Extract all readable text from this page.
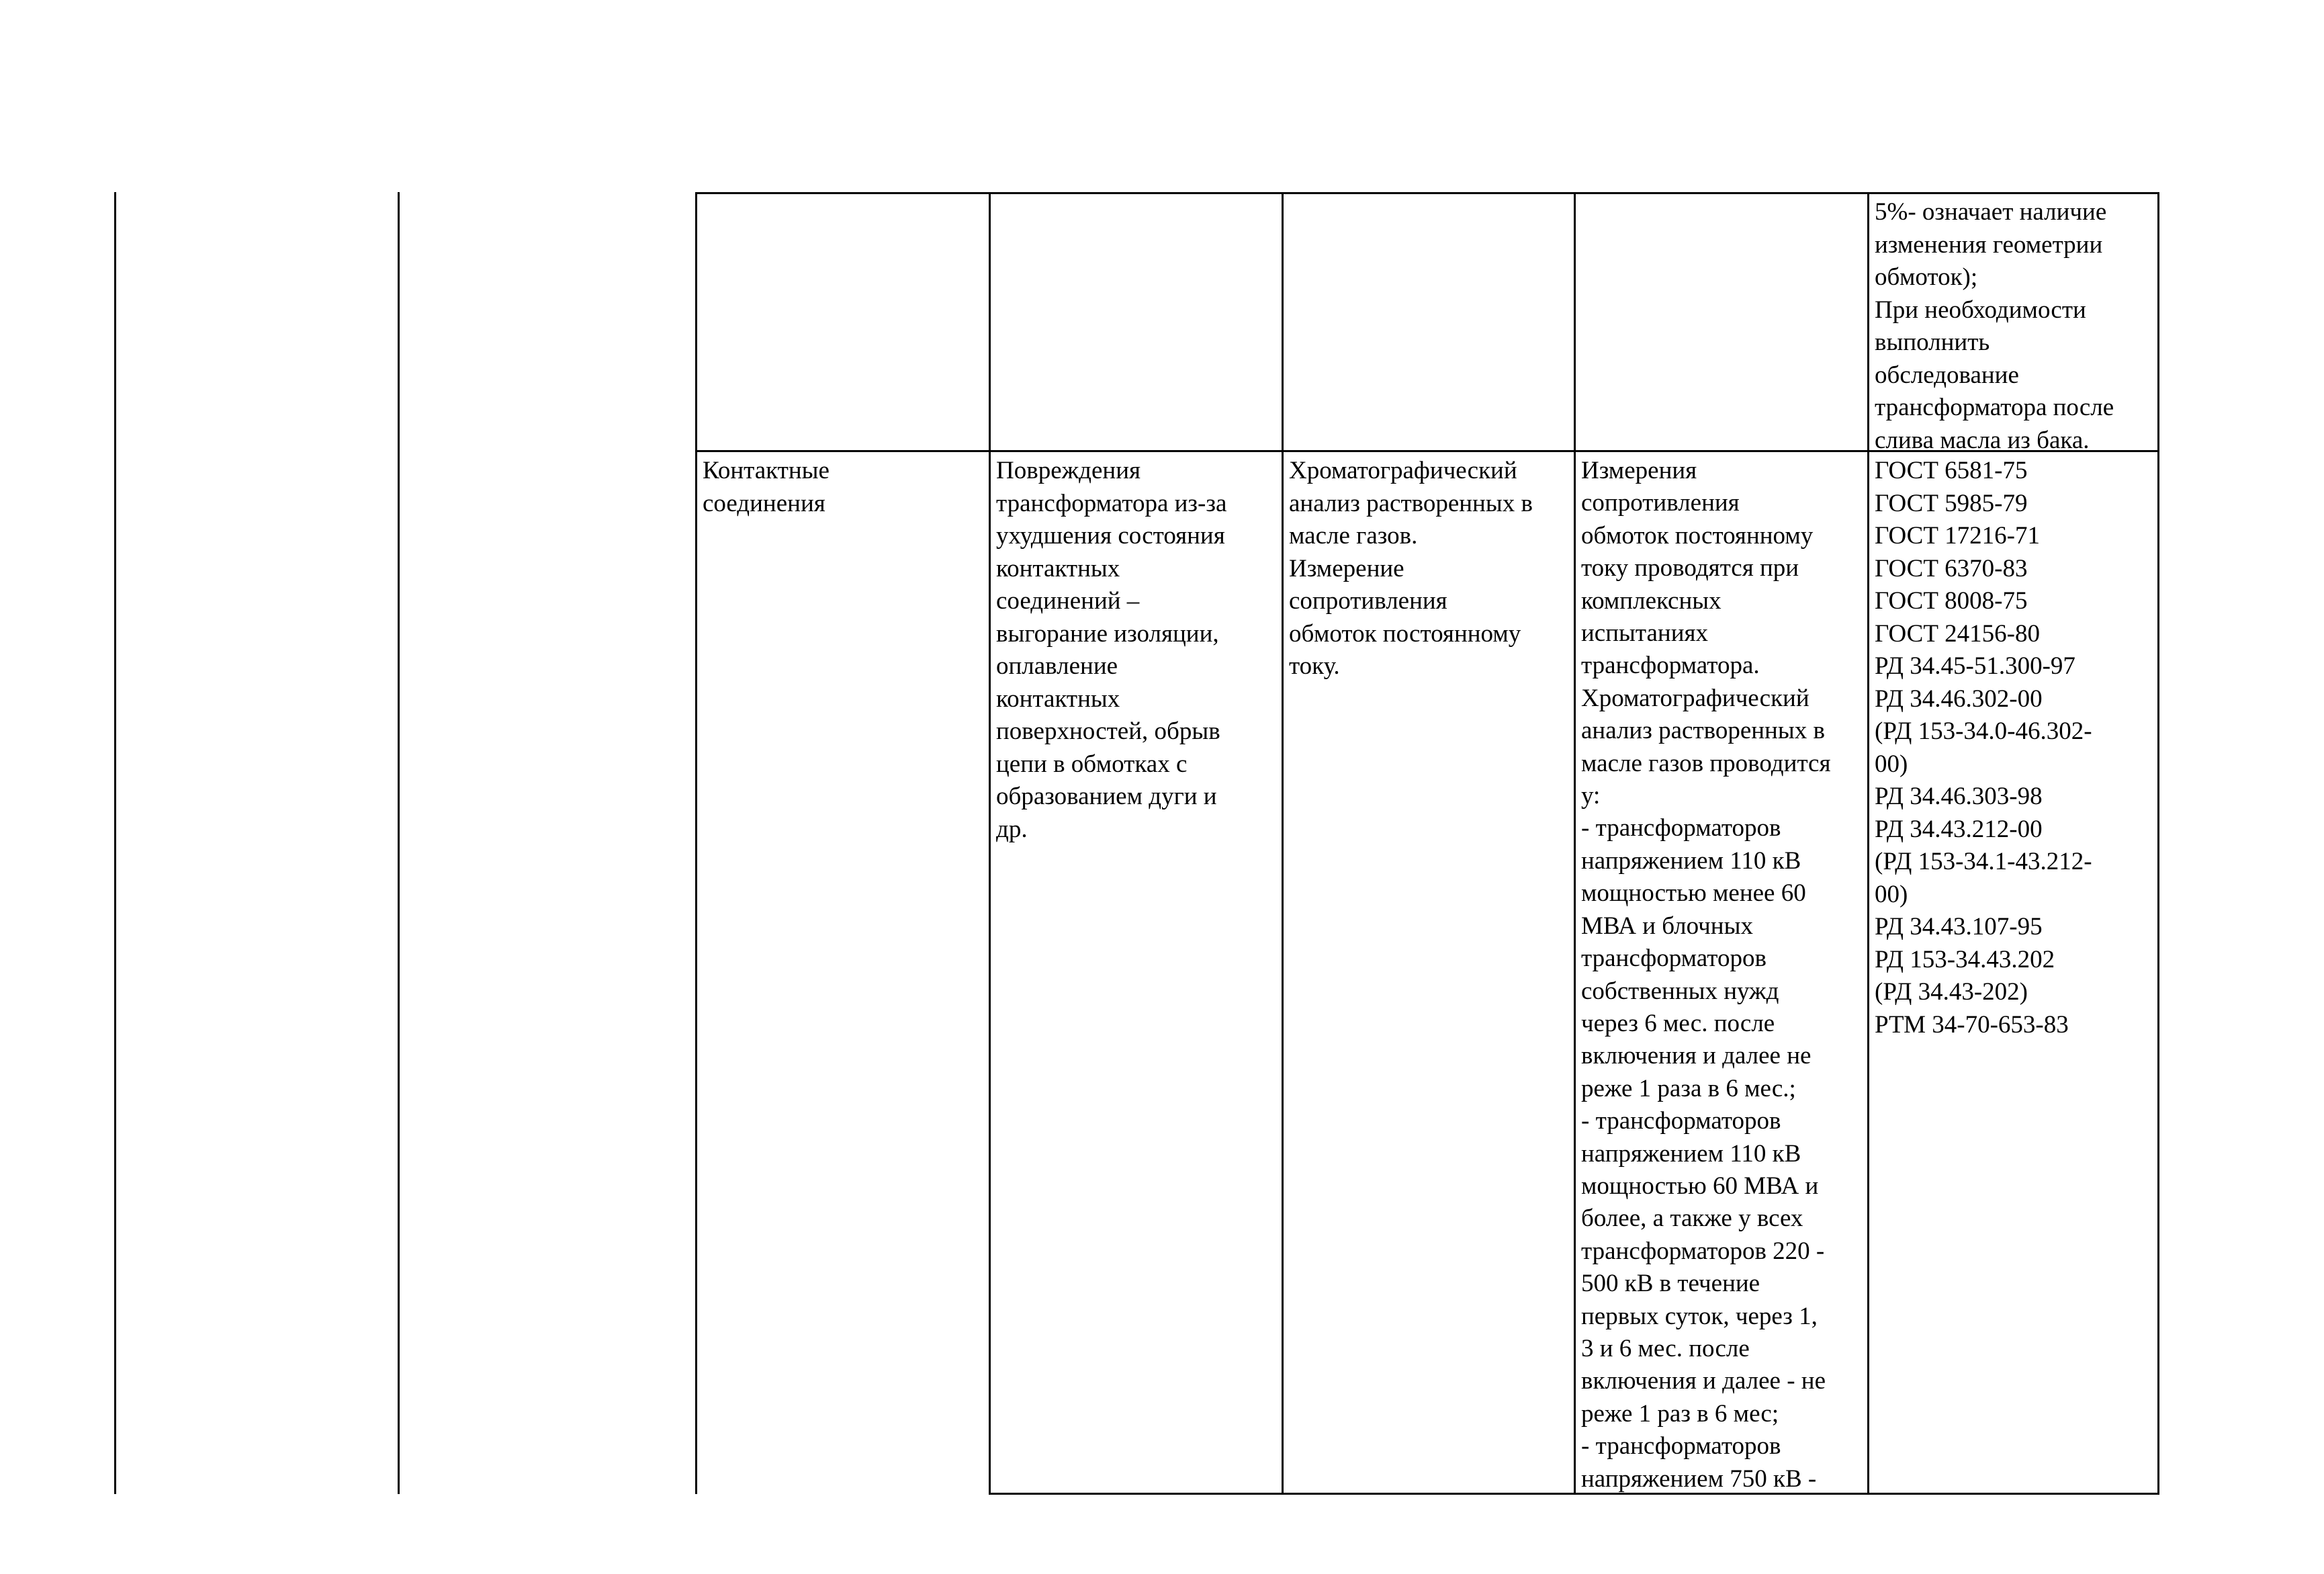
5%- означает наличие
изменения геометрии
обмоток);
При необходимости
выполнить
обследование
трансформатора после
слива масла из бака.
Контактные
соединения
Повреждения
трансформатора из-за
ухудшения состояния
контактных
соединений –
выгорание изоляции,
оплавление
контактных
поверхностей, обрыв
цепи в обмотках с
образованием дуги и
др.
Хроматографический
анализ растворенных в
масле газов.
Измерение
сопротивления
обмоток постоянному
току.
Измерения
сопротивления
обмоток постоянному
току проводятся при
комплексных
испытаниях
трансформатора.
Хроматографический
анализ растворенных в
масле газов проводится
у:
- трансформаторов
напряжением 110 кВ
мощностью менее 60
МВА и блочных
трансформаторов
собственных нужд
через 6 мес. после
включения и далее не
реже 1 раза в 6 мес.;
- трансформаторов
напряжением 110 кВ
мощностью 60 МВА и
более, а также у всех
трансформаторов 220 -
500 кВ в течение
первых суток, через 1,
3 и 6 мес. после
включения и далее - не
реже 1 раз в 6 мес;
- трансформаторов
напряжением 750 кВ -
ГОСТ 6581-75
ГОСТ 5985-79
ГОСТ 17216-71
ГОСТ 6370-83
ГОСТ 8008-75
ГОСТ 24156-80
РД 34.45-51.300-97
РД 34.46.302-00
(РД 153-34.0-46.302-
00)
РД 34.46.303-98
РД 34.43.212-00
(РД 153-34.1-43.212-
00)
РД 34.43.107-95
РД 153-34.43.202
(РД 34.43-202)
РТМ 34-70-653-83
